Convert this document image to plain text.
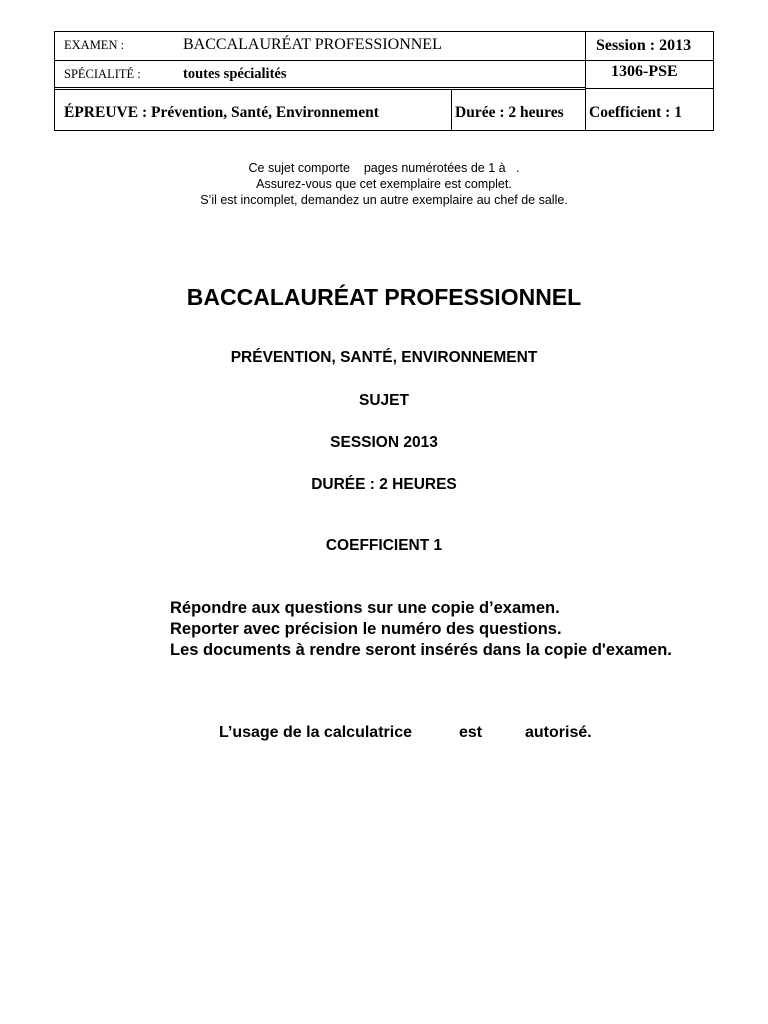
EXAMEN :	BACCALAURÉAT PROFESSIONNEL	Session : 2013
SPÉCIALITÉ :	toutes spécialités	1306-PSE
ÉPREUVE : Prévention, Santé, Environnement	Durée : 2 heures Coefficient : 1
Ce sujet comporte    pages numérotées de 1 à   .
Assurez-vous que cet exemplaire est complet.
S’il est incomplet, demandez un autre exemplaire au chef de salle.
BACCALAURÉAT PROFESSIONNEL
PRÉVENTION, SANTÉ, ENVIRONNEMENT
SUJET
SESSION 2013
DURÉE : 2 HEURES
COEFFICIENT 1
Répondre aux questions sur une copie d’examen.
Reporter avec précision le numéro des questions.
Les documents à rendre seront insérés dans la copie d'examen.
L’usage de la calculatrice	est	autorisé.
